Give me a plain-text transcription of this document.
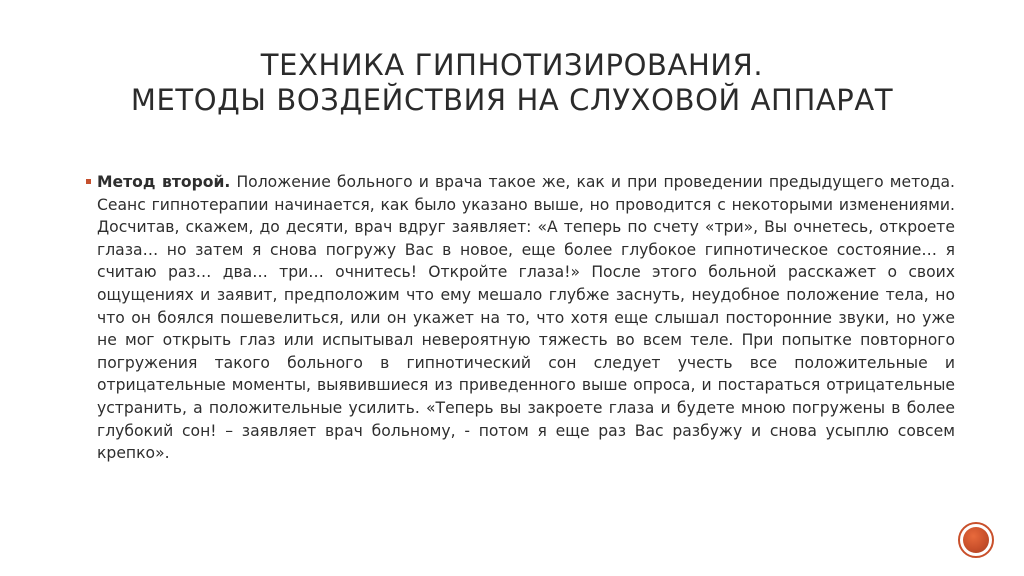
ТЕХНИКА ГИПНОТИЗИРОВАНИЯ.
МЕТОДЫ ВОЗДЕЙСТВИЯ НА СЛУХОВОЙ АППАРАТ
Метод второй. Положение больного и врача такое же, как и при проведении предыдущего метода. Сеанс гипнотерапии начинается, как было указано выше, но проводится с некоторыми изменениями. Досчитав, скажем, до десяти, врач вдруг заявляет: «А теперь по счету «три», Вы очнетесь, откроете глаза… но затем я снова погружу Вас в новое, еще более глубокое гипнотическое состояние… я считаю раз… два… три… очнитесь! Откройте глаза!» После этого больной расскажет о своих ощущениях и заявит, предположим что ему мешало глубже заснуть, неудобное положение тела, но что он боялся пошевелиться, или он укажет на то, что хотя еще слышал посторонние звуки, но уже не мог открыть глаз или испытывал невероятную тяжесть во всем теле. При попытке повторного погружения такого больного в гипнотический сон следует учесть все положительные и отрицательные моменты, выявившиеся из приведенного выше опроса, и постараться отрицательные устранить, а положительные усилить. «Теперь вы закроете глаза и будете мною погружены в более глубокий сон! – заявляет врач больному, - потом я еще раз Вас разбужу и снова усыплю совсем крепко».
